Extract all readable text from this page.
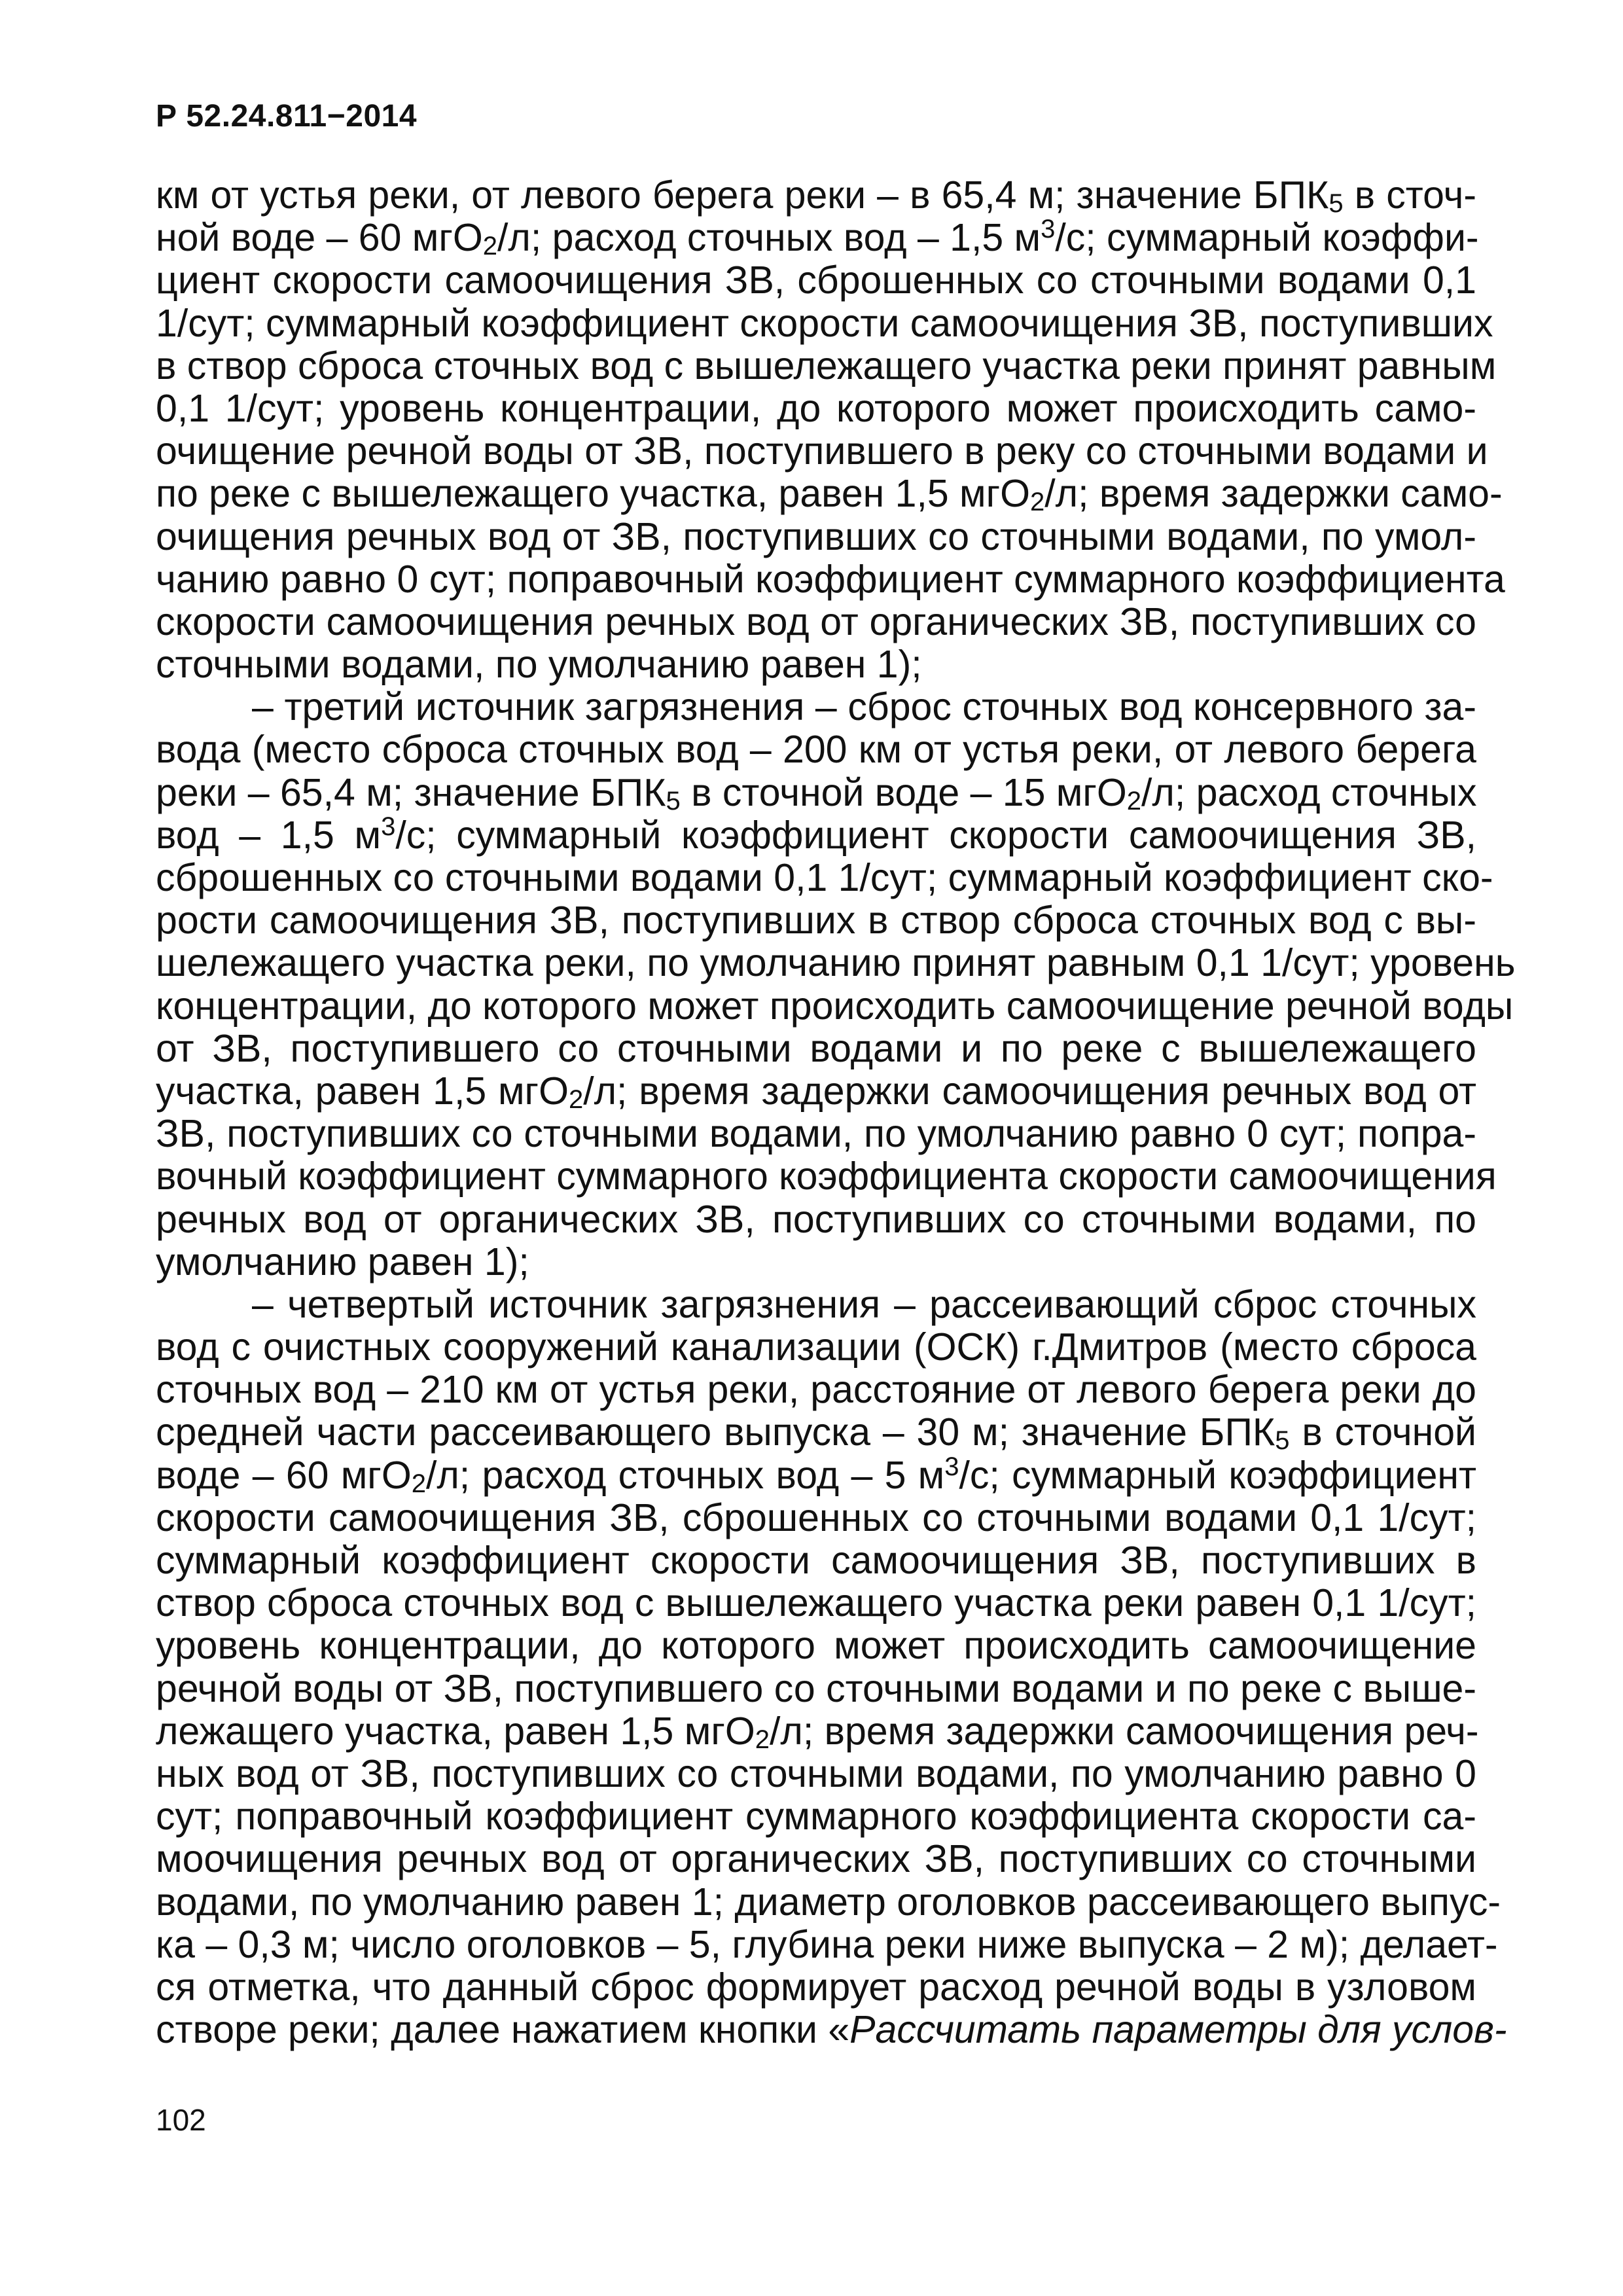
Р 52.24.811−2014
км от устья реки, от левого берега реки – в 65,4 м; значение $БПК_5$ в сточ-
ной воде – 60 мгО$_2$/л; расход сточных вод – 1,5 $м^3/с$; суммарный коэффи-
циент скорости самоочищения ЗВ, сброшенных со сточными водами 0,1
1/сут; суммарный коэффициент скорости самоочищения ЗВ, поступивших
в створ сброса сточных вод с вышележащего участка реки принят равным
0,1 1/сут; уровень концентрации, до которого может происходить само-
очищение речной воды от ЗВ, поступившего в реку со сточными водами и
по реке с вышележащего участка, равен 1,5 мгО$_2$/л; время задержки само-
очищения речных вод от ЗВ, поступивших со сточными водами, по умол-
чанию равно 0 сут; поправочный коэффициент суммарного коэффициента
скорости самоочищения речных вод от органических ЗВ, поступивших со
сточными водами, по умолчанию равен 1);
– третий источник загрязнения – сброс сточных вод консервного за-
вода (место сброса сточных вод – 200 км от устья реки, от левого берега
реки – 65,4 м; значение $БПК_5$ в сточной воде – 15 мгО$_2$/л; расход сточных
вод – 1,5 $м^3/с$; суммарный коэффициент скорости самоочищения ЗВ,
сброшенных со сточными водами 0,1 1/сут; суммарный коэффициент ско-
рости самоочищения ЗВ, поступивших в створ сброса сточных вод с вы-
шележащего участка реки, по умолчанию принят равным 0,1 1/сут; уровень
концентрации, до которого может происходить самоочищение речной воды
от ЗВ, поступившего со сточными водами и по реке с вышележащего
участка, равен 1,5 мгО$_2$/л; время задержки самоочищения речных вод от
ЗВ, поступивших со сточными водами, по умолчанию равно 0 сут; попра-
вочный коэффициент суммарного коэффициента скорости самоочищения
речных вод от органических ЗВ, поступивших со сточными водами, по
умолчанию равен 1);
– четвертый источник загрязнения – рассеивающий сброс сточных
вод с очистных сооружений канализации (ОСК) г.Дмитров (место сброса
сточных вод – 210 км от устья реки, расстояние от левого берега реки до
средней части рассеивающего выпуска – 30 м; значение $БПК_5$ в сточной
воде – 60 мгО$_2$/л; расход сточных вод – 5 $м^3/с$; суммарный коэффициент
скорости самоочищения ЗВ, сброшенных со сточными водами 0,1 1/сут;
суммарный коэффициент скорости самоочищения ЗВ, поступивших в
створ сброса сточных вод с вышележащего участка реки равен 0,1 1/сут;
уровень концентрации, до которого может происходить самоочищение
речной воды от ЗВ, поступившего со сточными водами и по реке с выше-
лежащего участка, равен 1,5 мгО$_2$/л; время задержки самоочищения реч-
ных вод от ЗВ, поступивших со сточными водами, по умолчанию равно 0
сут; поправочный коэффициент суммарного коэффициента скорости са-
моочищения речных вод от органических ЗВ, поступивших со сточными
водами, по умолчанию равен 1; диаметр оголовков рассеивающего выпус-
ка – 0,3 м; число оголовков – 5, глубина реки ниже выпуска – 2 м); делает-
ся отметка, что данный сброс формирует расход речной воды в узловом
створе реки; далее нажатием кнопки «Рассчитать параметры для услов-
102
